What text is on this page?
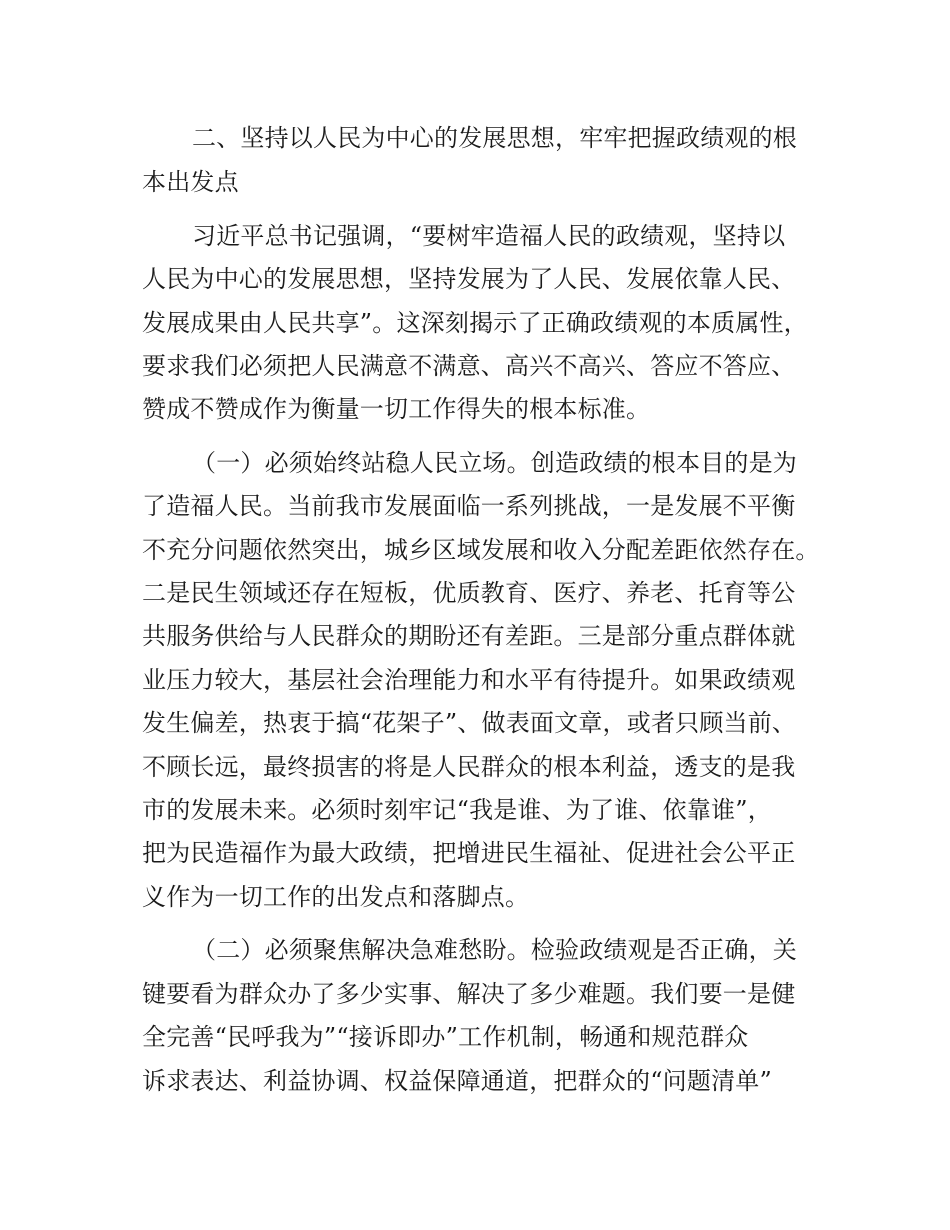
二、坚持以人民为中心的发展思想，牢牢把握政绩观的根
本出发点
习近平总书记强调，“要树牢造福人民的政绩观，坚持以
人民为中心的发展思想，坚持发展为了人民、发展依靠人民、
发展成果由人民共享”。这深刻揭示了正确政绩观的本质属性，
要求我们必须把人民满意不满意、高兴不高兴、答应不答应、
赞成不赞成作为衡量一切工作得失的根本标准。
（一）必须始终站稳人民立场。创造政绩的根本目的是为
了造福人民。当前我市发展面临一系列挑战，一是发展不平衡
不充分问题依然突出，城乡区域发展和收入分配差距依然存在。
二是民生领域还存在短板，优质教育、医疗、养老、托育等公
共服务供给与人民群众的期盼还有差距。三是部分重点群体就
业压力较大，基层社会治理能力和水平有待提升。如果政绩观
发生偏差，热衷于搞“花架子”、做表面文章，或者只顾当前、
不顾长远，最终损害的将是人民群众的根本利益，透支的是我
市的发展未来。必须时刻牢记“我是谁、为了谁、依靠谁”，
把为民造福作为最大政绩，把增进民生福祉、促进社会公平正
义作为一切工作的出发点和落脚点。
（二）必须聚焦解决急难愁盼。检验政绩观是否正确，关
键要看为群众办了多少实事、解决了多少难题。我们要一是健
全完善“民呼我为”“接诉即办”工作机制，畅通和规范群众
诉求表达、利益协调、权益保障通道，把群众的“问题清单”
